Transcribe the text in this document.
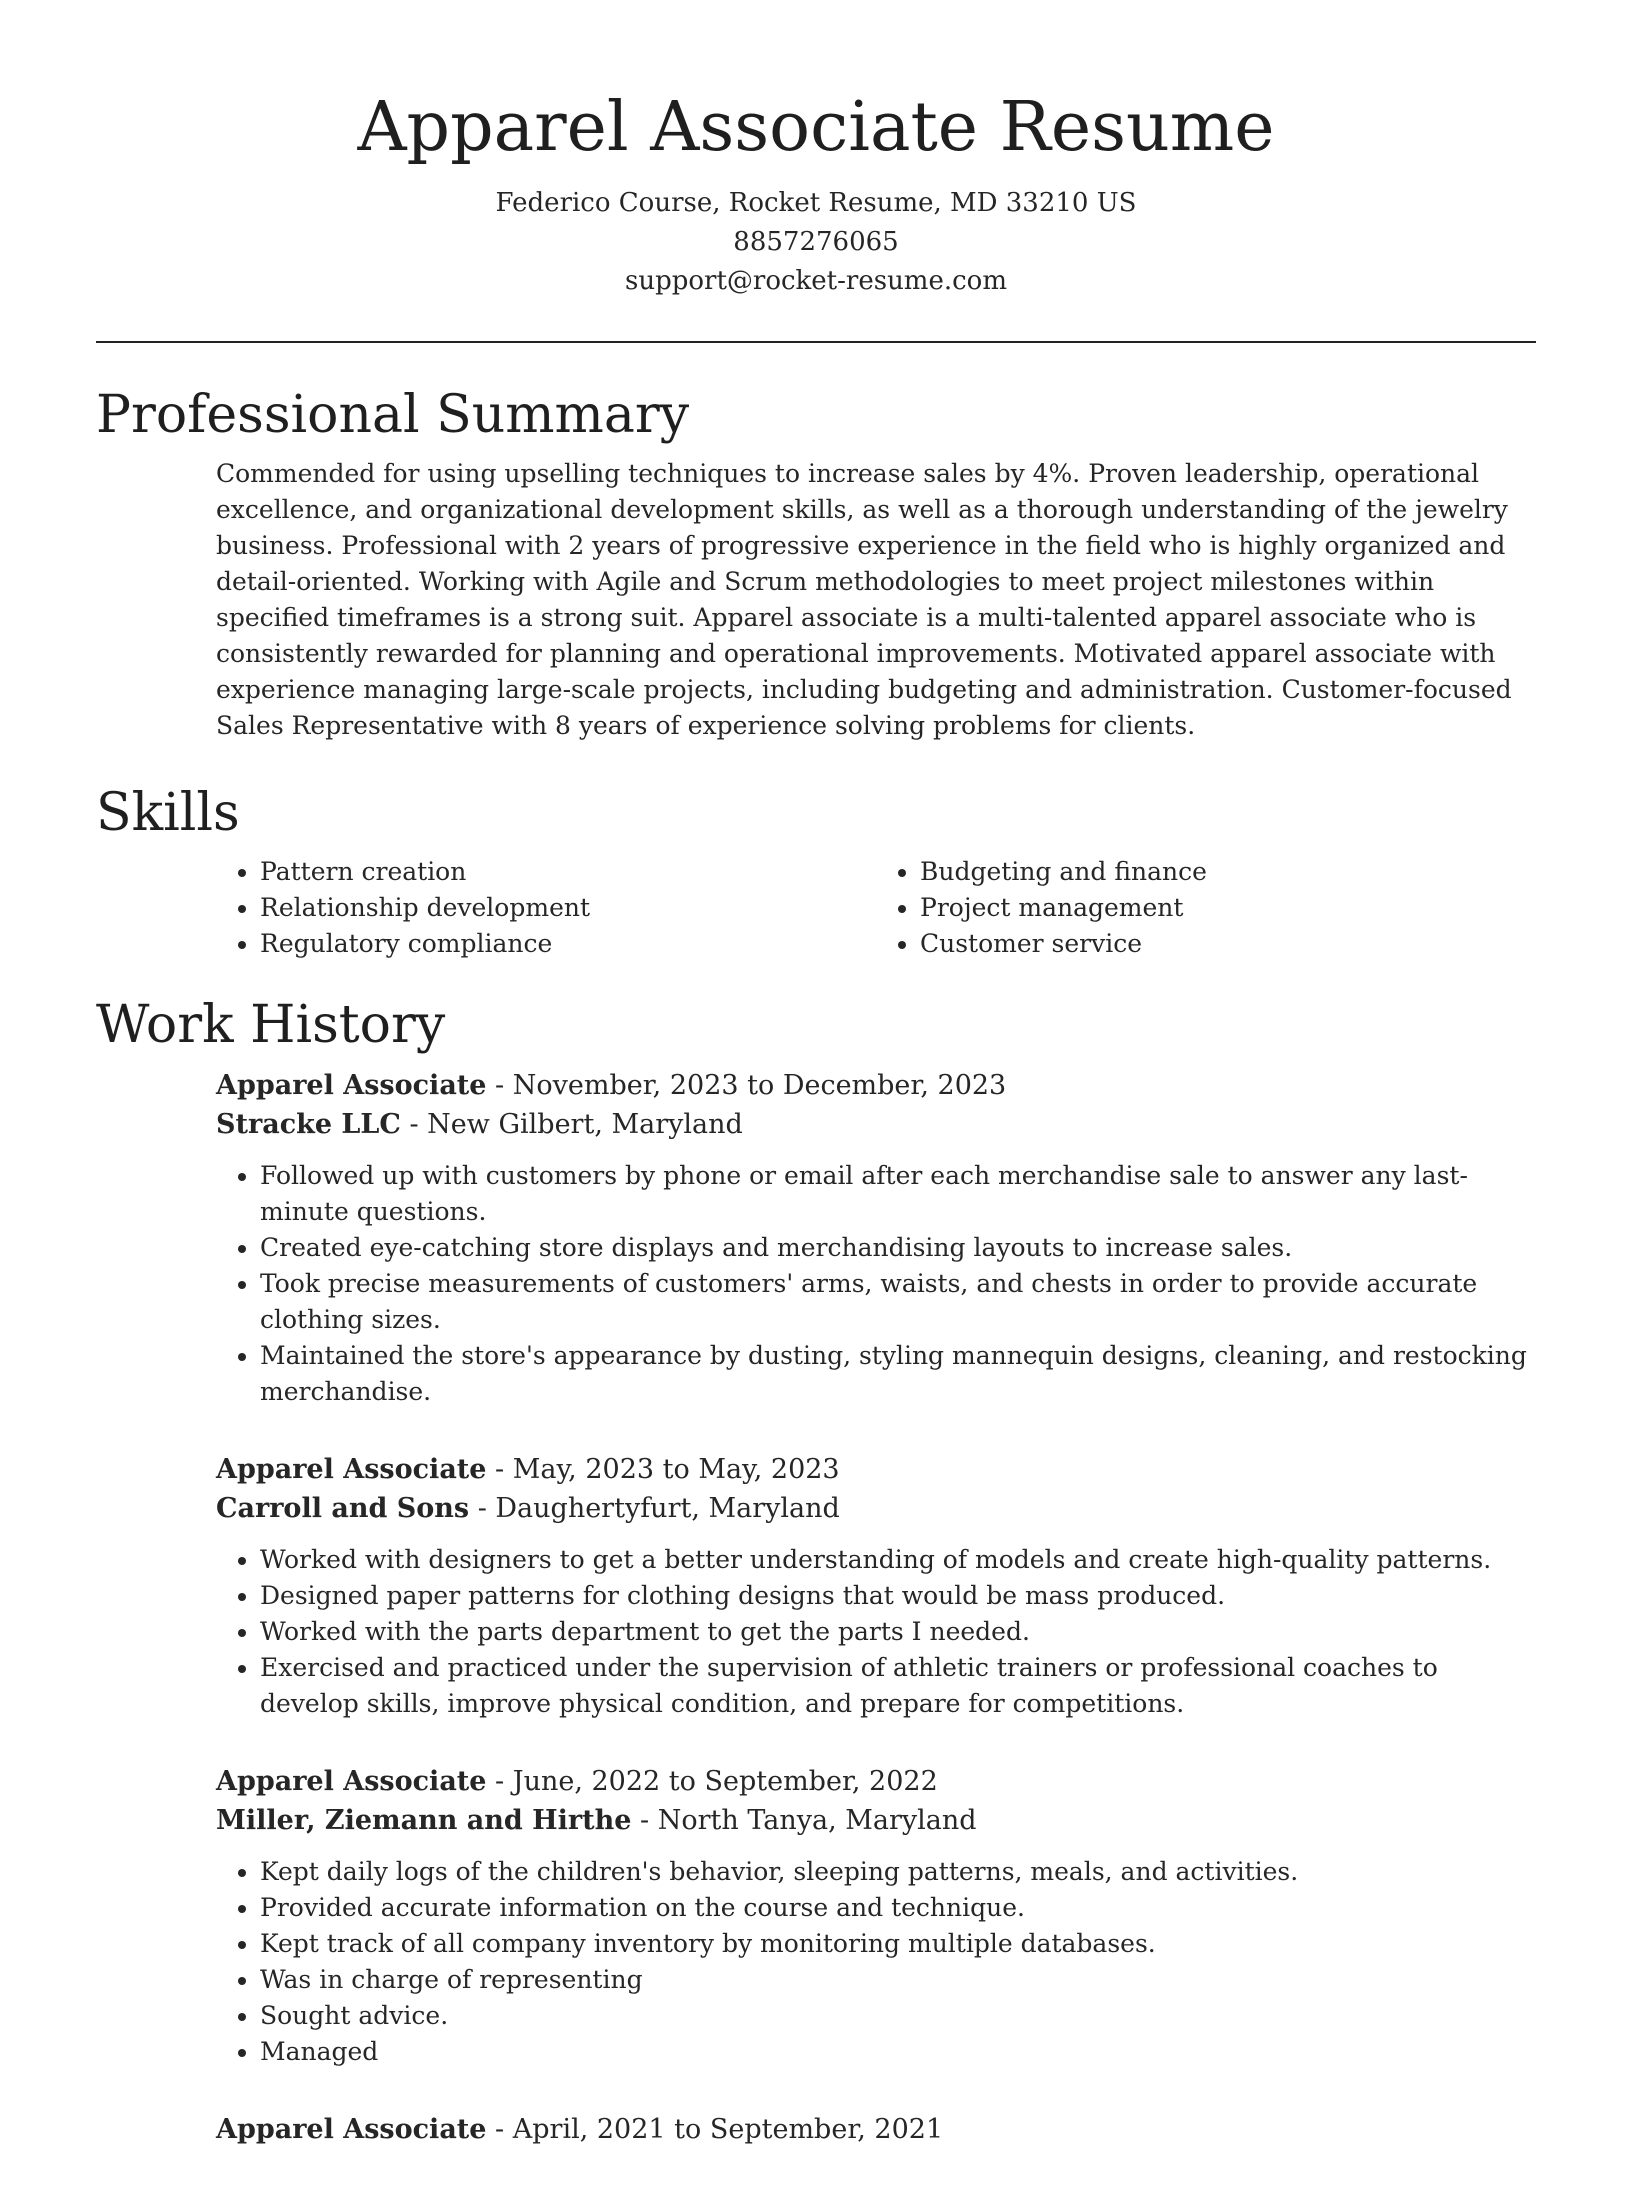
Apparel Associate Resume
Federico Course, Rocket Resume, MD 33210 US
8857276065
support@rocket-resume.com
Professional Summary

Commended for using upselling techniques to increase sales by 4%. Proven leadership, operational excellence, and organizational development skills, as well as a thorough understanding of the jewelry business. Professional with 2 years of progressive experience in the field who is highly organized and detail-oriented. Working with Agile and Scrum methodologies to meet project milestones within specified timeframes is a strong suit. Apparel associate is a multi-talented apparel associate who is consistently rewarded for planning and operational improvements. Motivated apparel associate with experience managing large-scale projects, including budgeting and administration. Customer-focused Sales Representative with 8 years of experience solving problems for clients.

Skills
• Pattern creation
• Relationship development
• Regulatory compliance
• Budgeting and finance
• Project management
• Customer service
Work History
Apparel Associate - November, 2023 to December, 2023
Stracke LLC - New Gilbert, Maryland
• Followed up with customers by phone or email after each merchandise sale to answer any last-minute questions.
• Created eye-catching store displays and merchandising layouts to increase sales.
• Took precise measurements of customers' arms, waists, and chests in order to provide accurate clothing sizes.
• Maintained the store's appearance by dusting, styling mannequin designs, cleaning, and restocking merchandise.
Apparel Associate - May, 2023 to May, 2023
Carroll and Sons - Daughertyfurt, Maryland
• Worked with designers to get a better understanding of models and create high-quality patterns.
• Designed paper patterns for clothing designs that would be mass produced.
• Worked with the parts department to get the parts I needed.
• Exercised and practiced under the supervision of athletic trainers or professional coaches to develop skills, improve physical condition, and prepare for competitions.
Apparel Associate - June, 2022 to September, 2022
Miller, Ziemann and Hirthe - North Tanya, Maryland
• Kept daily logs of the children's behavior, sleeping patterns, meals, and activities.
• Provided accurate information on the course and technique.
• Kept track of all company inventory by monitoring multiple databases.
• Was in charge of representing
• Sought advice.
• Managed
Apparel Associate - April, 2021 to September, 2021
